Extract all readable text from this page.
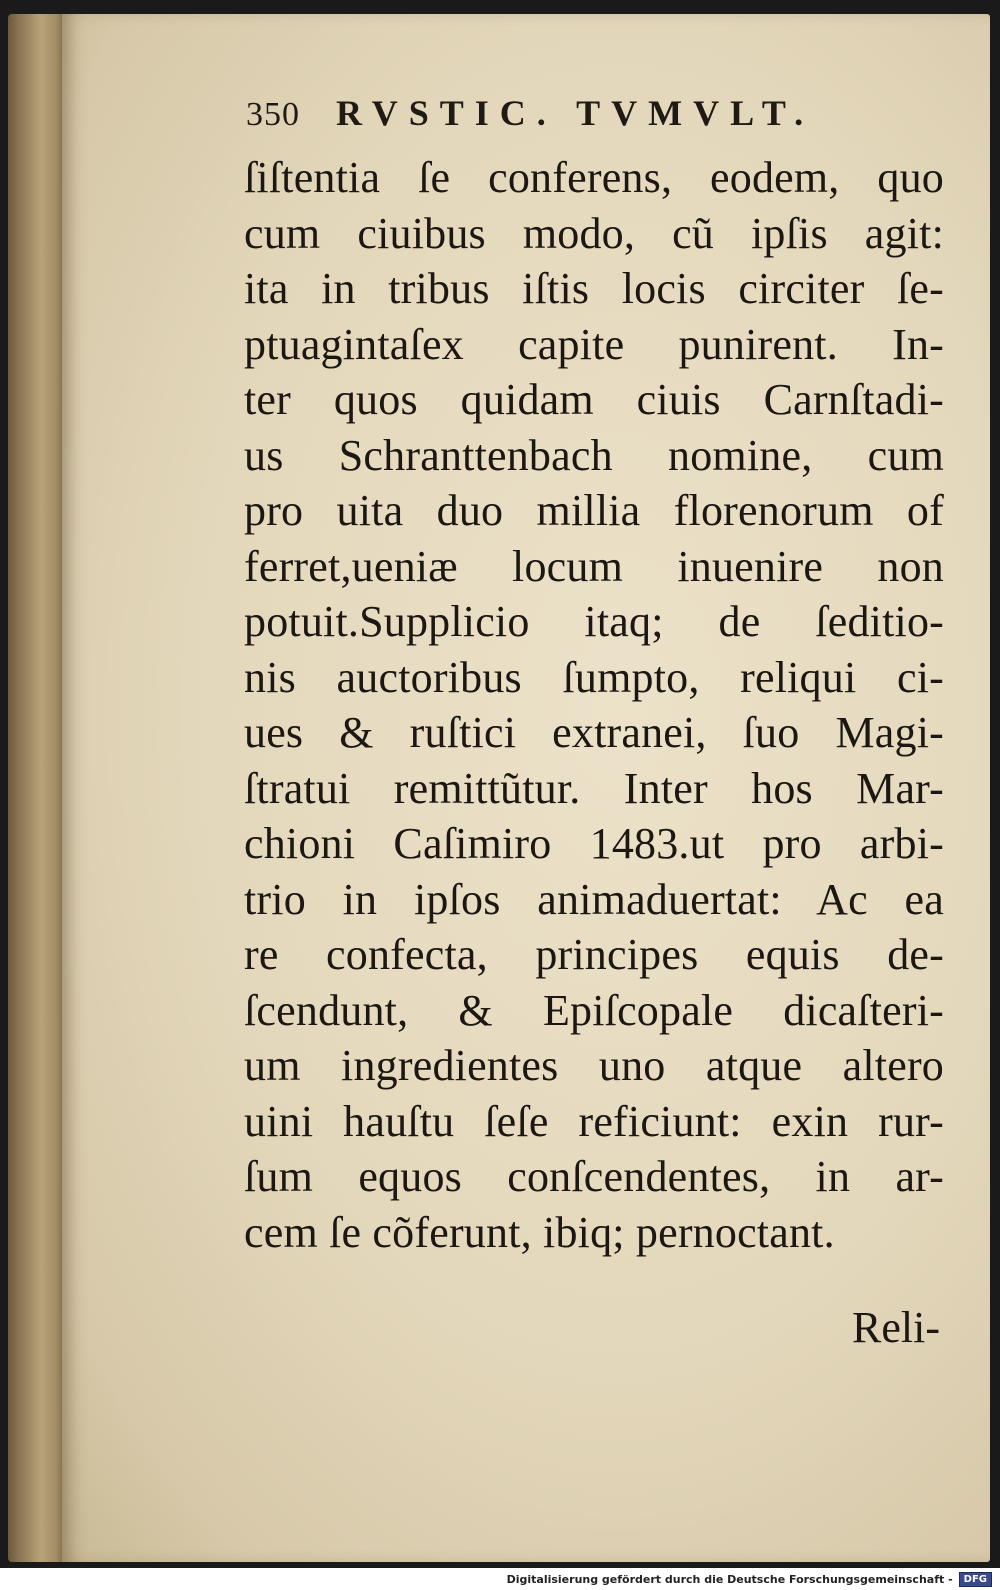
350 RVSTIC. TVMVLT.
ſiſtentia ſe conferens, eodem, quo
cum ciuibus modo, cũ ipſis agit:
ita in tribus iſtis locis circiter ſe-
ptuagintaſex capite punirent. In-
ter quos quidam ciuis Carnſtadi-
us Schranttenbach nomine, cum
pro uita duo millia florenorum of
ferret,ueniæ locum inuenire non
potuit.Supplicio itaq; de ſeditio-
nis auctoribus ſumpto, reliqui ci-
ues & ruſtici extranei, ſuo Magi-
ſtratui remittũtur. Inter hos Mar-
chioni Caſimiro 1483.ut pro arbi-
trio in ipſos animaduertat: Ac ea
re confecta, principes equis de-
ſcendunt, & Epiſcopale dicaſteri-
um ingredientes uno atque altero
uini hauſtu ſeſe reficiunt: exin rur-
ſum equos conſcendentes, in ar-
cem ſe cõferunt, ibiq; pernoctant.
Reli-
Digitalisierung gefördert durch die Deutsche Forschungsgemeinschaft -	DFG
